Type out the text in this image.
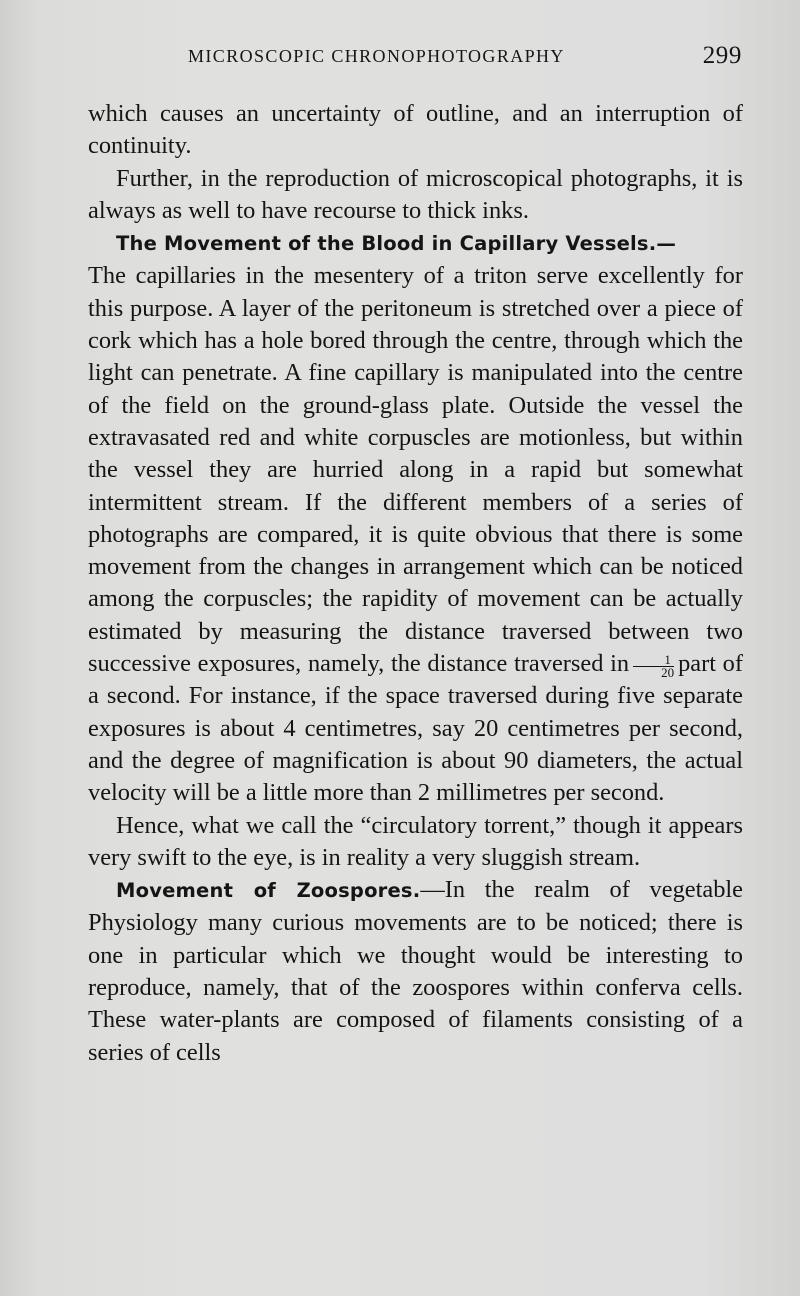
MICROSCOPIC CHRONOPHOTOGRAPHY	299

which causes an uncertainty of outline, and an interruption of continuity.

Further, in the reproduction of microscopical photographs, it is always as well to have recourse to thick inks.

The Movement of the Blood in Capillary Vessels.—
The capillaries in the mesentery of a triton serve excellently for this purpose. A layer of the peritoneum is stretched over a piece of cork which has a hole bored through the centre, through which the light can penetrate. A fine capillary is manipulated into the centre of the field on the ground-glass plate. Outside the vessel the extravasated red and white corpuscles are motionless, but within the vessel they are hurried along in a rapid but somewhat intermittent stream. If the different members of a series of photographs are compared, it is quite obvious that there is some movement from the changes in arrangement which can be noticed among the corpuscles; the rapidity of movement can be actually estimated by measuring the distance traversed between two successive exposures, namely, the distance traversed in $\frac{1}{20}$ part of a second. For instance, if the space traversed during five separate exposures is about 4 centimetres, say 20 centimetres per second, and the degree of magnification is about 90 diameters, the actual velocity will be a little more than 2 millimetres per second.

Hence, what we call the “circulatory torrent,” though it appears very swift to the eye, is in reality a very sluggish stream.

Movement of Zoospores.—In the realm of vegetable Physiology many curious movements are to be noticed; there is one in particular which we thought would be interesting to reproduce, namely, that of the zoospores within conferva cells. These water-plants are composed of filaments consisting of a series of cells
